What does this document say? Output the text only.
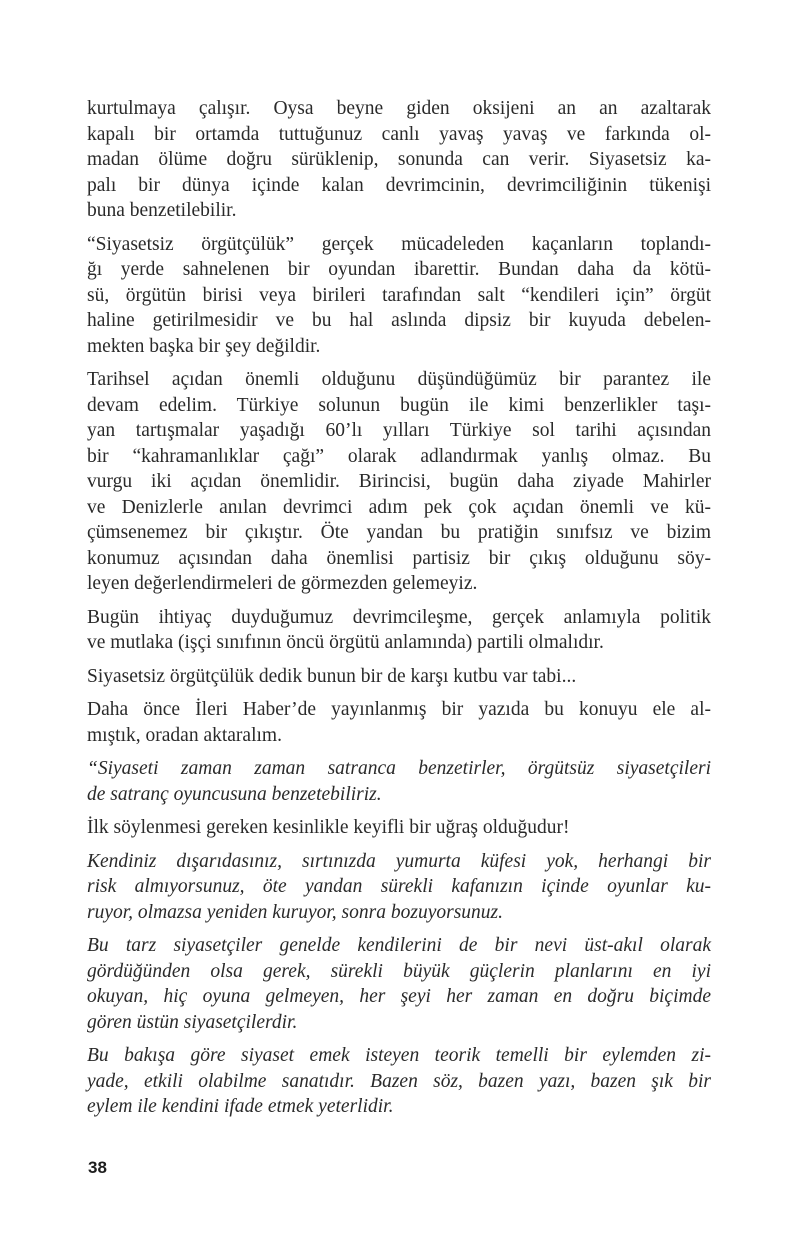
kurtulmaya çalışır. Oysa beyne giden oksijeni an an azaltarak
kapalı bir ortamda tuttuğunuz canlı yavaş yavaş ve farkında ol-
madan ölüme doğru sürüklenip, sonunda can verir. Siyasetsiz ka-
palı bir dünya içinde kalan devrimcinin, devrimciliğinin tükenişi
buna benzetilebilir.
“Siyasetsiz örgütçülük” gerçek mücadeleden kaçanların toplandı-
ğı yerde sahnelenen bir oyundan ibarettir. Bundan daha da kötü-
sü, örgütün birisi veya birileri tarafından salt “kendileri için” örgüt
haline getirilmesidir ve bu hal aslında dipsiz bir kuyuda debelen-
mekten başka bir şey değildir.
Tarihsel açıdan önemli olduğunu düşündüğümüz bir parantez ile
devam edelim. Türkiye solunun bugün ile kimi benzerlikler taşı-
yan tartışmalar yaşadığı 60’lı yılları Türkiye sol tarihi açısından
bir “kahramanlıklar çağı” olarak adlandırmak yanlış olmaz. Bu
vurgu iki açıdan önemlidir. Birincisi, bugün daha ziyade Mahirler
ve Denizlerle anılan devrimci adım pek çok açıdan önemli ve kü-
çümsenemez bir çıkıştır. Öte yandan bu pratiğin sınıfsız ve bizim
konumuz açısından daha önemlisi partisiz bir çıkış olduğunu söy-
leyen değerlendirmeleri de görmezden gelemeyiz.
Bugün ihtiyaç duyduğumuz devrimcileşme, gerçek anlamıyla politik
ve mutlaka (işçi sınıfının öncü örgütü anlamında) partili olmalıdır.
Siyasetsiz örgütçülük dedik bunun bir de karşı kutbu var tabi...
Daha önce İleri Haber’de yayınlanmış bir yazıda bu konuyu ele al-
mıştık, oradan aktaralım.
“Siyaseti zaman zaman satranca benzetirler, örgütsüz siyasetçileri
de satranç oyuncusuna benzetebiliriz.
İlk söylenmesi gereken kesinlikle keyifli bir uğraş olduğudur!
Kendiniz dışarıdasınız, sırtınızda yumurta küfesi yok, herhangi bir
risk almıyorsunuz, öte yandan sürekli kafanızın içinde oyunlar ku-
ruyor, olmazsa yeniden kuruyor, sonra bozuyorsunuz.
Bu tarz siyasetçiler genelde kendilerini de bir nevi üst-akıl olarak
gördüğünden olsa gerek, sürekli büyük güçlerin planlarını en iyi
okuyan, hiç oyuna gelmeyen, her şeyi her zaman en doğru biçimde
gören üstün siyasetçilerdir.
Bu bakışa göre siyaset emek isteyen teorik temelli bir eylemden zi-
yade, etkili olabilme sanatıdır. Bazen söz, bazen yazı, bazen şık bir
eylem ile kendini ifade etmek yeterlidir.
38
